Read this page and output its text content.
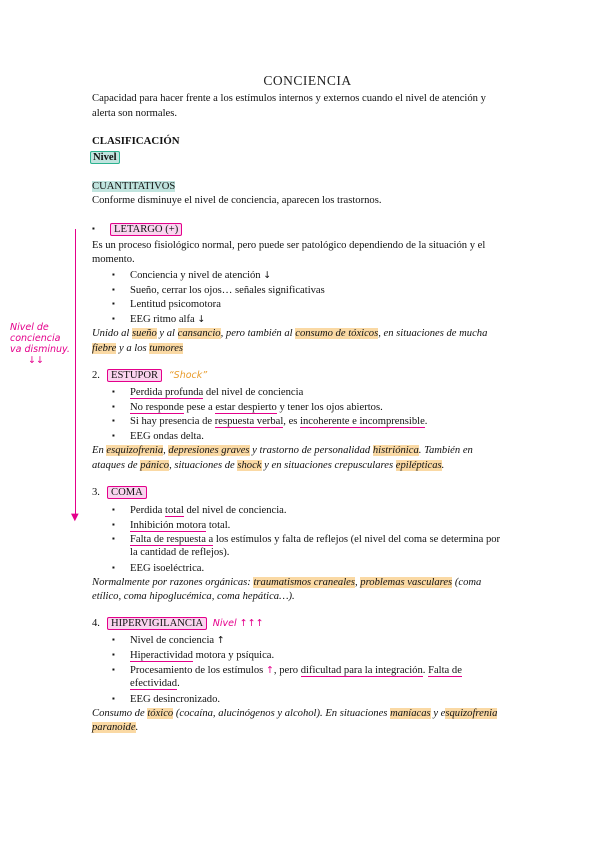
CONCIENCIA
Capacidad para hacer frente a los estímulos internos y externos cuando el nivel de atención y
alerta son normales.
CLASIFICACIÓN
Nivel
CUANTITATIVOS
Conforme disminuye el nivel de conciencia, aparecen los trastornos.
Nivel de conciencia va disminuy.
↓↓
▼
▪ LETARGO (+)
Es un proceso fisiológico normal, pero puede ser patológico dependiendo de la situación y el
momento.
▪ Conciencia y nivel de atención ↓
▪ Sueño, cerrar los ojos… señales significativas
▪ Lentitud psicomotora
▪ EEG ritmo alfa ↓
Unido al sueño y al cansancio, pero también al consumo de tóxicos, en situaciones de mucha
fiebre y a los tumores
2. ESTUPOR “Shock”
▪ Perdida profunda del nivel de conciencia
▪ No responde pese a estar despierto y tener los ojos abiertos.
▪ Si hay presencia de respuesta verbal, es incoherente e incomprensible.
▪ EEG ondas delta.
En esquizofrenia, depresiones graves y trastorno de personalidad histriónica. También en
ataques de pánico, situaciones de shock y en situaciones crepusculares epilépticas.
3. COMA
▪ Perdida total del nivel de conciencia.
▪ Inhibición motora total.
▪ Falta de respuesta a los estímulos y falta de reflejos (el nivel del coma se determina por
la cantidad de reflejos).
▪ EEG isoeléctrica.
Normalmente por razones orgánicas: traumatismos craneales, problemas vasculares (coma
etílico, coma hipoglucémica, coma hepática…).
4. HIPERVIGILANCIA Nivel ↑↑↑
▪ Nivel de conciencia ↑
▪ Hiperactividad motora y psíquica.
▪ Procesamiento de los estímulos ↑, pero dificultad para la integración. Falta de
efectividad.
▪ EEG desincronizado.
Consumo de tóxico (cocaína, alucinógenos y alcohol). En situaciones maníacas y esquizofrenia
paranoide.
